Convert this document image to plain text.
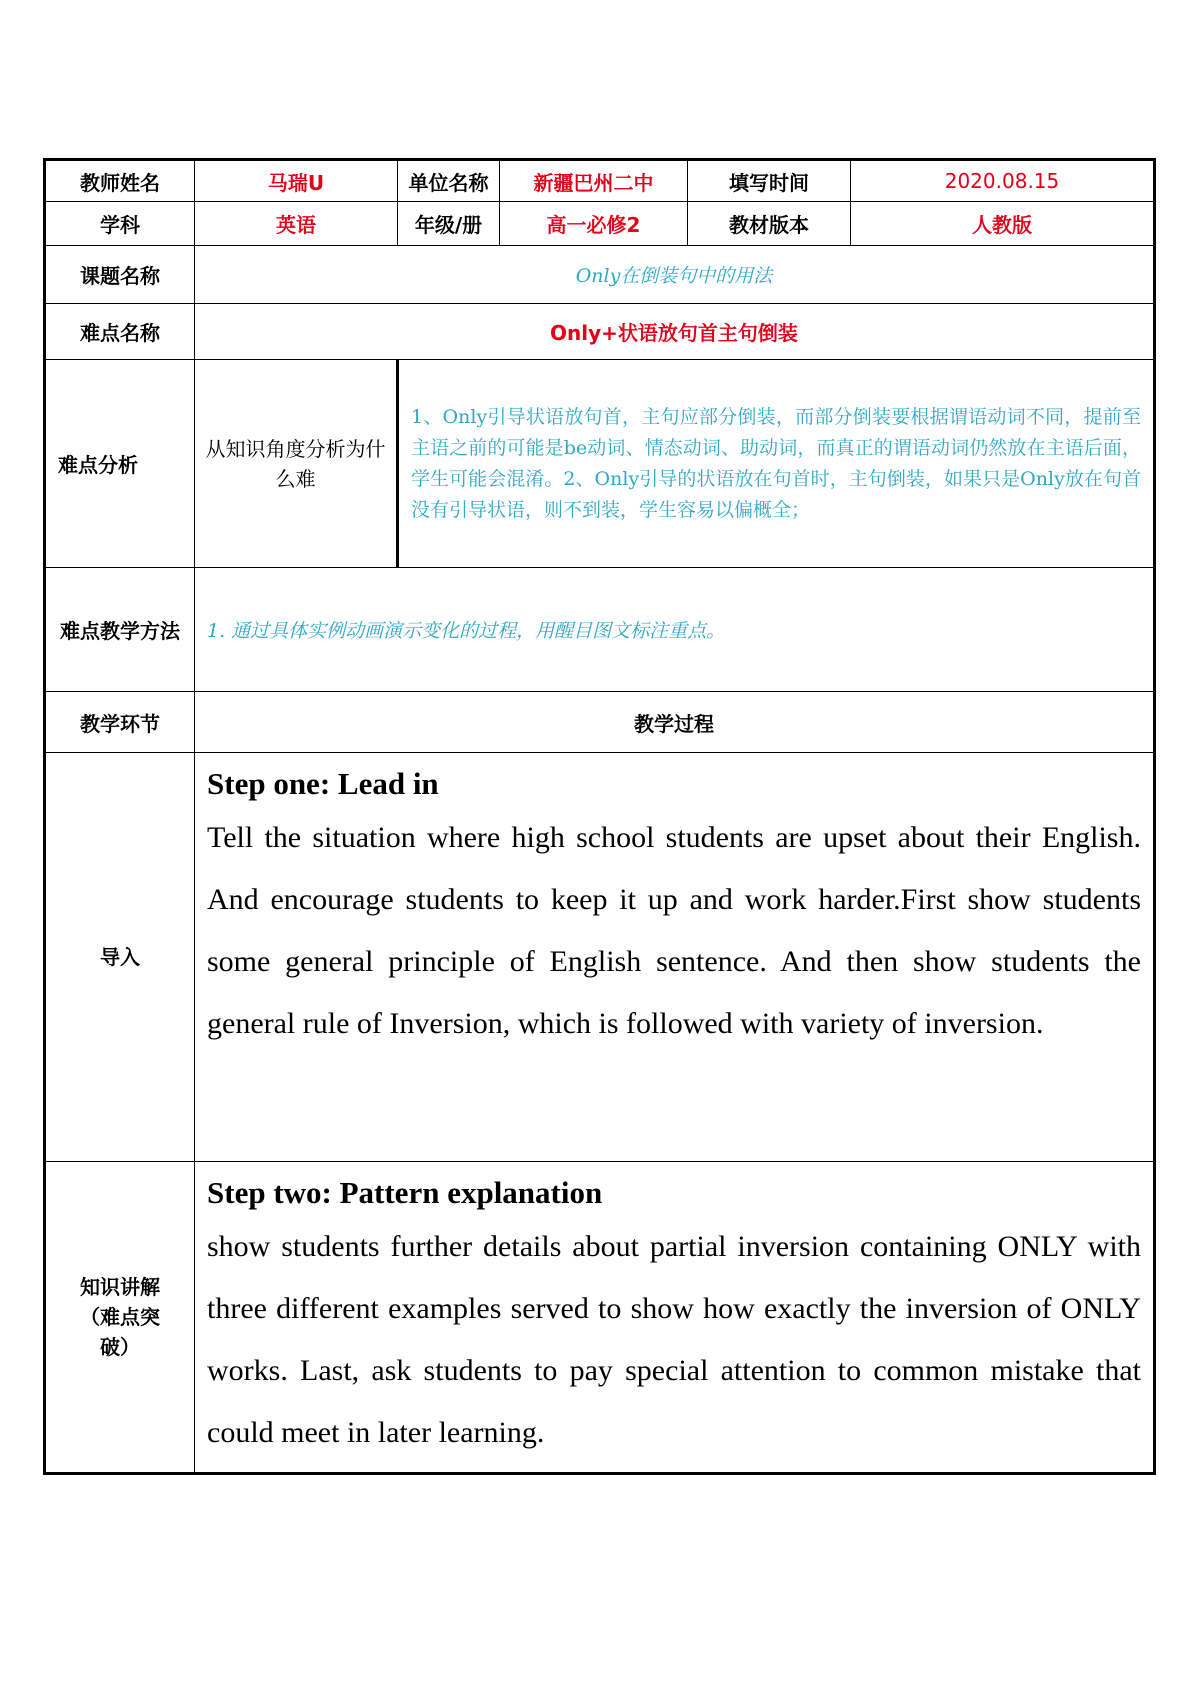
教师姓名	马瑞U	单位名称	新疆巴州二中	填写时间	2020.08.15
学科	英语	年级/册	高一必修2	教材版本	人教版
课题名称	Only在倒装句中的用法				
难点名称	Only+状语放句首主句倒装				
难点分析	从知识角度分析为什么难	1、Only引导状语放句首，主句应部分倒装，而部分倒装要根据谓语动词不同，提前至主语之前的可能是be动词、情态动词、助动词，而真正的谓语动词仍然放在主语后面，学生可能会混淆。2、Only引导的状语放在句首时，主句倒装，如果只是Only放在句首没有引导状语，则不到装，学生容易以偏概全；			
难点教学方法	1. 通过具体实例动画演示变化的过程，用醒目图文标注重点。				
教学环节	教学过程				
导入	Step one: Lead in

Tell the situation where high school students are upset about their English. And encourage students to keep it up and work harder.First show students some general principle of English sentence. And then show students the general rule of Inversion, which is followed with variety of inversion.				

知识讲解（难点突破）	Step two: Pattern explanation

show students further details about partial inversion containing ONLY with three different examples served to show how exactly the inversion of ONLY works. Last, ask students to pay special attention to common mistake that could meet in later learning.				
